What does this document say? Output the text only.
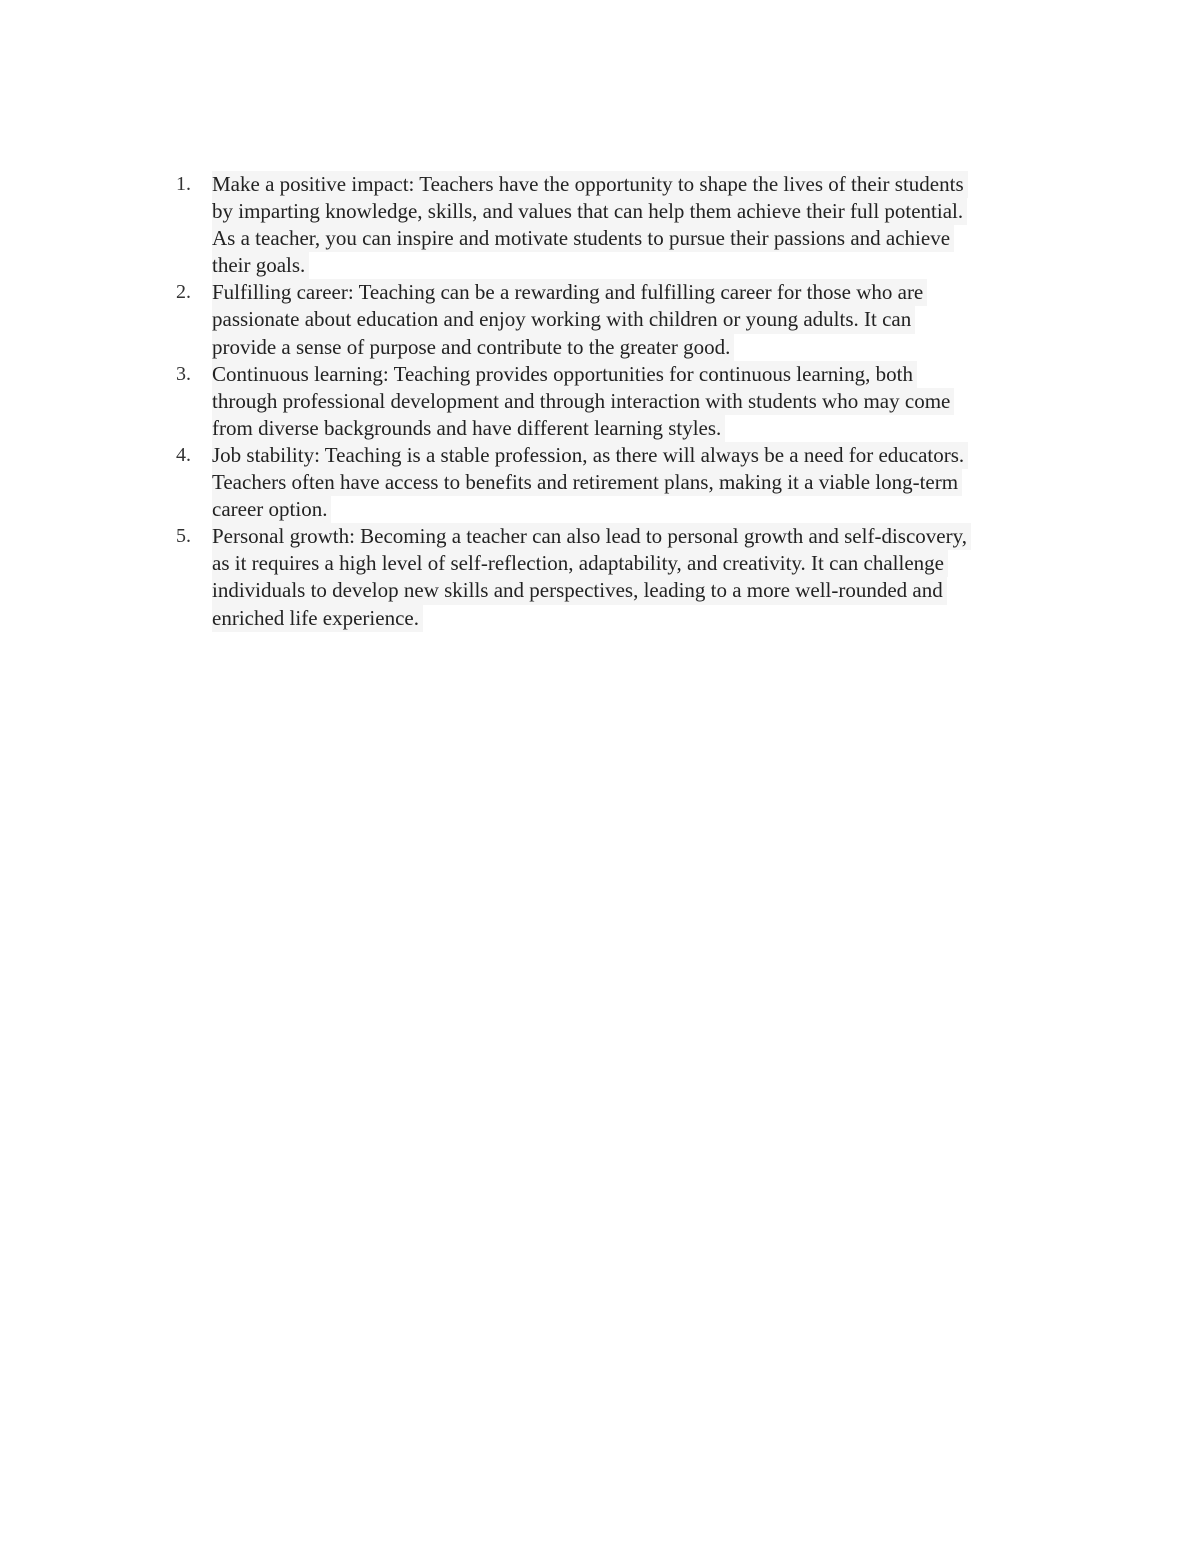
1. Make a positive impact: Teachers have the opportunity to shape the lives of their students
by imparting knowledge, skills, and values that can help them achieve their full potential.
As a teacher, you can inspire and motivate students to pursue their passions and achieve
their goals.
2. Fulfilling career: Teaching can be a rewarding and fulfilling career for those who are
passionate about education and enjoy working with children or young adults. It can
provide a sense of purpose and contribute to the greater good.
3. Continuous learning: Teaching provides opportunities for continuous learning, both
through professional development and through interaction with students who may come
from diverse backgrounds and have different learning styles.
4. Job stability: Teaching is a stable profession, as there will always be a need for educators.
Teachers often have access to benefits and retirement plans, making it a viable long-term
career option.
5. Personal growth: Becoming a teacher can also lead to personal growth and self-discovery,
as it requires a high level of self-reflection, adaptability, and creativity. It can challenge
individuals to develop new skills and perspectives, leading to a more well-rounded and
enriched life experience.
